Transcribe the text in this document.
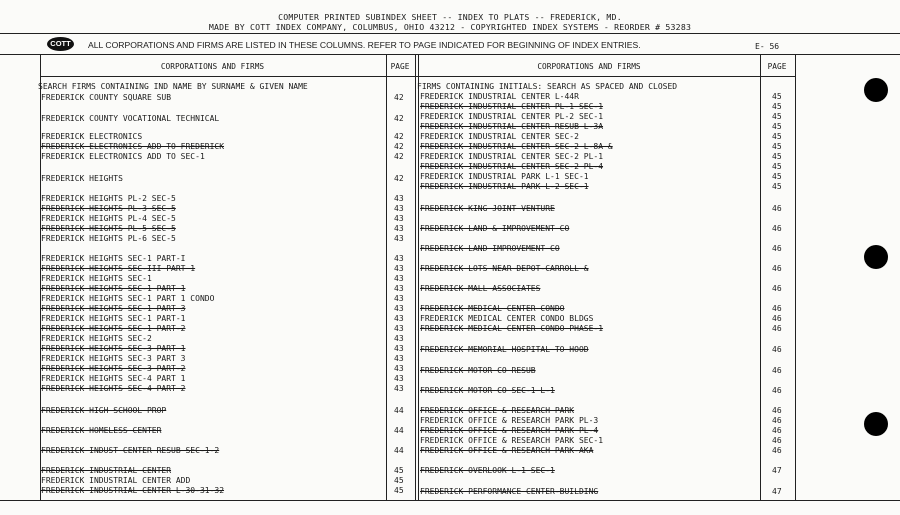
COMPUTER PRINTED SUBINDEX SHEET -- INDEX TO PLATS -- FREDERICK, MD.
MADE BY COTT INDEX COMPANY, COLUMBUS, OHIO 43212 - COPYRIGHTED INDEX SYSTEMS - REORDER # 53283
COTT	ALL CORPORATIONS AND FIRMS ARE LISTED IN THESE COLUMNS. REFER TO PAGE INDICATED FOR BEGINNING OF INDEX ENTRIES.	E- 56
CORPORATIONS AND FIRMS	PAGE	CORPORATIONS AND FIRMS	PAGE
SEARCH FIRMS CONTAINING IND NAME BY SURNAME & GIVEN NAME
FREDERICK COUNTY SQUARE SUB	42
FREDERICK COUNTY VOCATIONAL TECHNICAL	42
FREDERICK ELECTRONICS	42
FREDERICK ELECTRONICS ADD TO FREDERICK	42
FREDERICK ELECTRONICS ADD TO SEC-1	42
FREDERICK HEIGHTS	42
FREDERICK HEIGHTS PL-2 SEC-5	43
FREDERICK HEIGHTS PL-3 SEC-5	43
FREDERICK HEIGHTS PL-4 SEC-5	43
FREDERICK HEIGHTS PL-5 SEC-5	43
FREDERICK HEIGHTS PL-6 SEC-5	43
FREDERICK HEIGHTS SEC-1 PART-I	43
FREDERICK HEIGHTS SEC-III PART 1	43
FREDERICK HEIGHTS SEC-1	43
FREDERICK HEIGHTS SEC-1 PART 1	43
FREDERICK HEIGHTS SEC-1 PART 1 CONDO	43
FREDERICK HEIGHTS SEC-1 PART 3	43
FREDERICK HEIGHTS SEC-1 PART-1	43
FREDERICK HEIGHTS SEC-1 PART-2	43
FREDERICK HEIGHTS SEC-2	43
FREDERICK HEIGHTS SEC-3 PART 1	43
FREDERICK HEIGHTS SEC-3 PART 3	43
FREDERICK HEIGHTS SEC-3 PART-2	43
FREDERICK HEIGHTS SEC-4 PART 1	43
FREDERICK HEIGHTS SEC-4 PART 2	43
FREDERICK HIGH SCHOOL PROP	44
FREDERICK HOMELESS CENTER	44
FREDERICK INDUST CENTER RESUB SEC-1-2	44
FREDERICK INDUSTRIAL CENTER	45
FREDERICK INDUSTRIAL CENTER ADD	45
FREDERICK INDUSTRIAL CENTER L-30-31-32	45
FIRMS CONTAINING INITIALS: SEARCH AS SPACED AND CLOSED
FREDERICK INDUSTRIAL CENTER L-44R	45
FREDERICK INDUSTRIAL CENTER PL-1 SEC-1	45
FREDERICK INDUSTRIAL CENTER PL-2 SEC-1	45
FREDERICK INDUSTRIAL CENTER RESUB L-3A	45
FREDERICK INDUSTRIAL CENTER SEC-2	45
FREDERICK INDUSTRIAL CENTER SEC-2 L-8A &	45
FREDERICK INDUSTRIAL CENTER SEC-2 PL-1	45
FREDERICK INDUSTRIAL CENTER SEC-2 PL-4	45
FREDERICK INDUSTRIAL PARK L-1 SEC-1	45
FREDERICK INDUSTRIAL PARK L-2 SEC-1	45
FREDERICK KING JOINT VENTURE	46
FREDERICK LAND & IMPROVEMENT CO	46
FREDERICK LAND IMPROVEMENT CO	46
FREDERICK LOTS NEAR DEPOT-CARROLL &	46
FREDERICK MALL ASSOCIATES	46
FREDERICK MEDICAL CENTER CONDO	46
FREDERICK MEDICAL CENTER CONDO BLDGS	46
FREDERICK MEDICAL CENTER CONDO PHASE-1	46
FREDERICK MEMORIAL HOSPITAL TO HOOD	46
FREDERICK MOTOR CO RESUB	46
FREDERICK MOTOR CO SEC-1 L-1	46
FREDERICK OFFICE & RESEARCH PARK	46
FREDERICK OFFICE & RESEARCH PARK PL-3	46
FREDERICK OFFICE & RESEARCH PARK PL-4	46
FREDERICK OFFICE & RESEARCH PARK SEC-1	46
FREDERICK OFFICE & RESEARCH PARK-AKA	46
FREDERICK OVERLOOK L-1 SEC-1	47
FREDERICK PERFORMANCE CENTER-BUILDING	47
